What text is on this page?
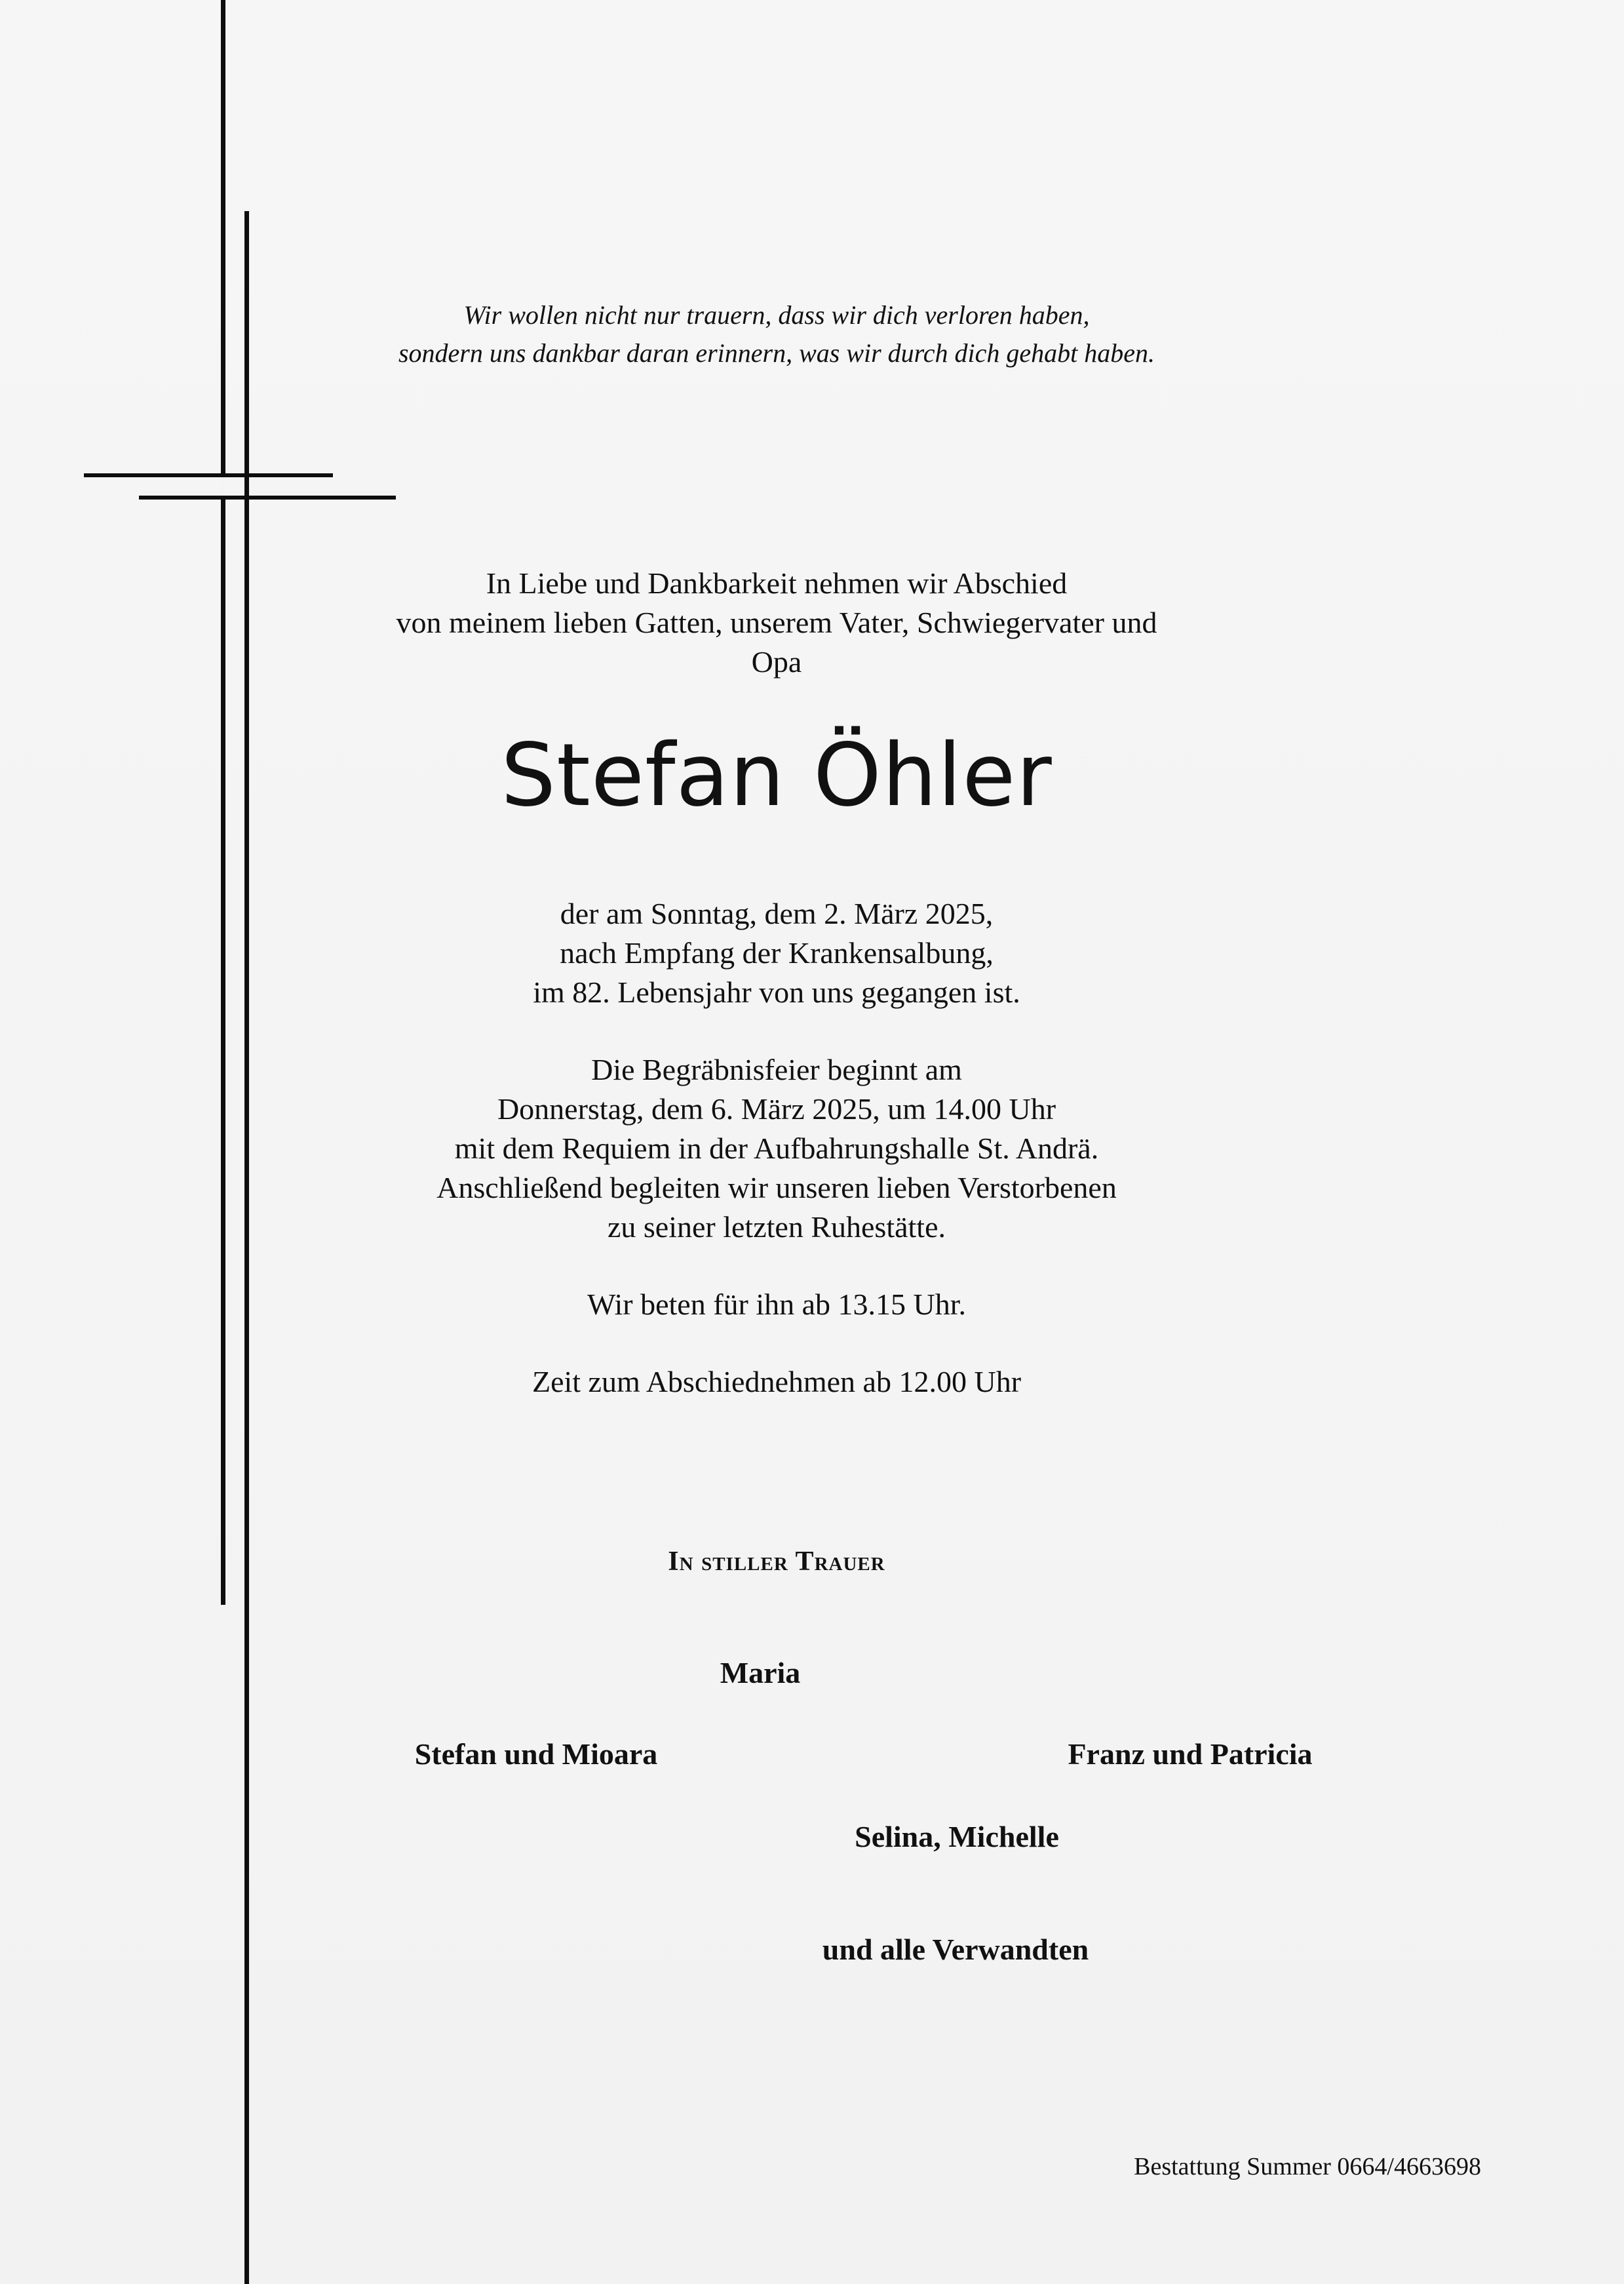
Wir wollen nicht nur trauern, dass wir dich verloren haben,
sondern uns dankbar daran erinnern, was wir durch dich gehabt haben.
In Liebe und Dankbarkeit nehmen wir Abschied
von meinem lieben Gatten, unserem Vater, Schwiegervater und Opa
Stefan Öhler
der am Sonntag, dem 2. März 2025,
nach Empfang der Krankensalbung,
im 82. Lebensjahr von uns gegangen ist.
Die Begräbnisfeier beginnt am
Donnerstag, dem 6. März 2025, um 14.00 Uhr
mit dem Requiem in der Aufbahrungshalle St. Andrä.
Anschließend begleiten wir unseren lieben Verstorbenen
zu seiner letzten Ruhestätte.
Wir beten für ihn ab 13.15 Uhr.
Zeit zum Abschiednehmen ab 12.00 Uhr
In stiller Trauer
Maria
Stefan und Mioara	Franz und Patricia
Selina, Michelle
und alle Verwandten
Bestattung Summer 0664/4663698
